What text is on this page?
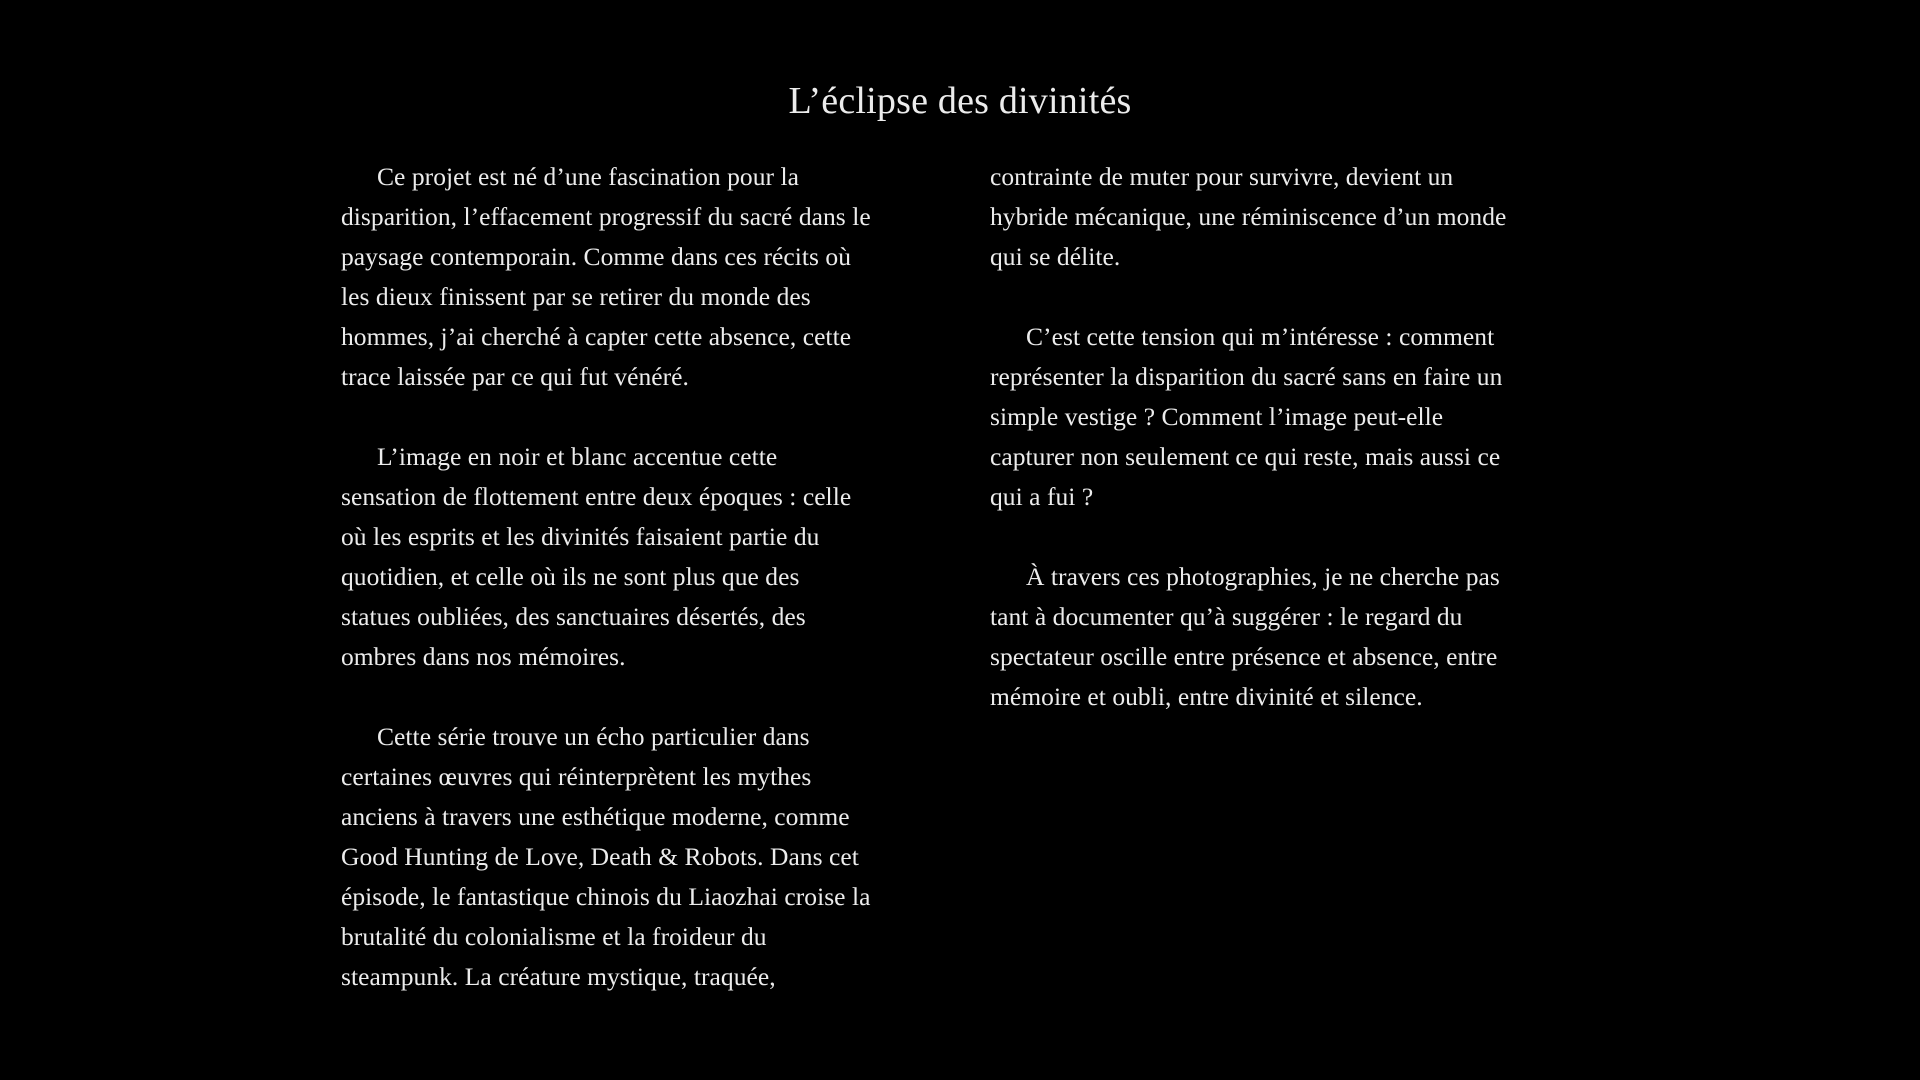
L’éclipse des divinités
Ce projet est né d’une fascination pour la
disparition, l’effacement progressif du sacré dans le
paysage contemporain. Comme dans ces récits où
les dieux finissent par se retirer du monde des
hommes, j’ai cherché à capter cette absence, cette
trace laissée par ce qui fut vénéré.
L’image en noir et blanc accentue cette
sensation de flottement entre deux époques : celle
où les esprits et les divinités faisaient partie du
quotidien, et celle où ils ne sont plus que des
statues oubliées, des sanctuaires désertés, des
ombres dans nos mémoires.
Cette série trouve un écho particulier dans
certaines œuvres qui réinterprètent les mythes
anciens à travers une esthétique moderne, comme
Good Hunting de Love, Death & Robots. Dans cet
épisode, le fantastique chinois du Liaozhai croise la
brutalité du colonialisme et la froideur du
steampunk. La créature mystique, traquée,
contrainte de muter pour survivre, devient un
hybride mécanique, une réminiscence d’un monde
qui se délite.
C’est cette tension qui m’intéresse : comment
représenter la disparition du sacré sans en faire un
simple vestige ? Comment l’image peut-elle
capturer non seulement ce qui reste, mais aussi ce
qui a fui ?
À travers ces photographies, je ne cherche pas
tant à documenter qu’à suggérer : le regard du
spectateur oscille entre présence et absence, entre
mémoire et oubli, entre divinité et silence.
